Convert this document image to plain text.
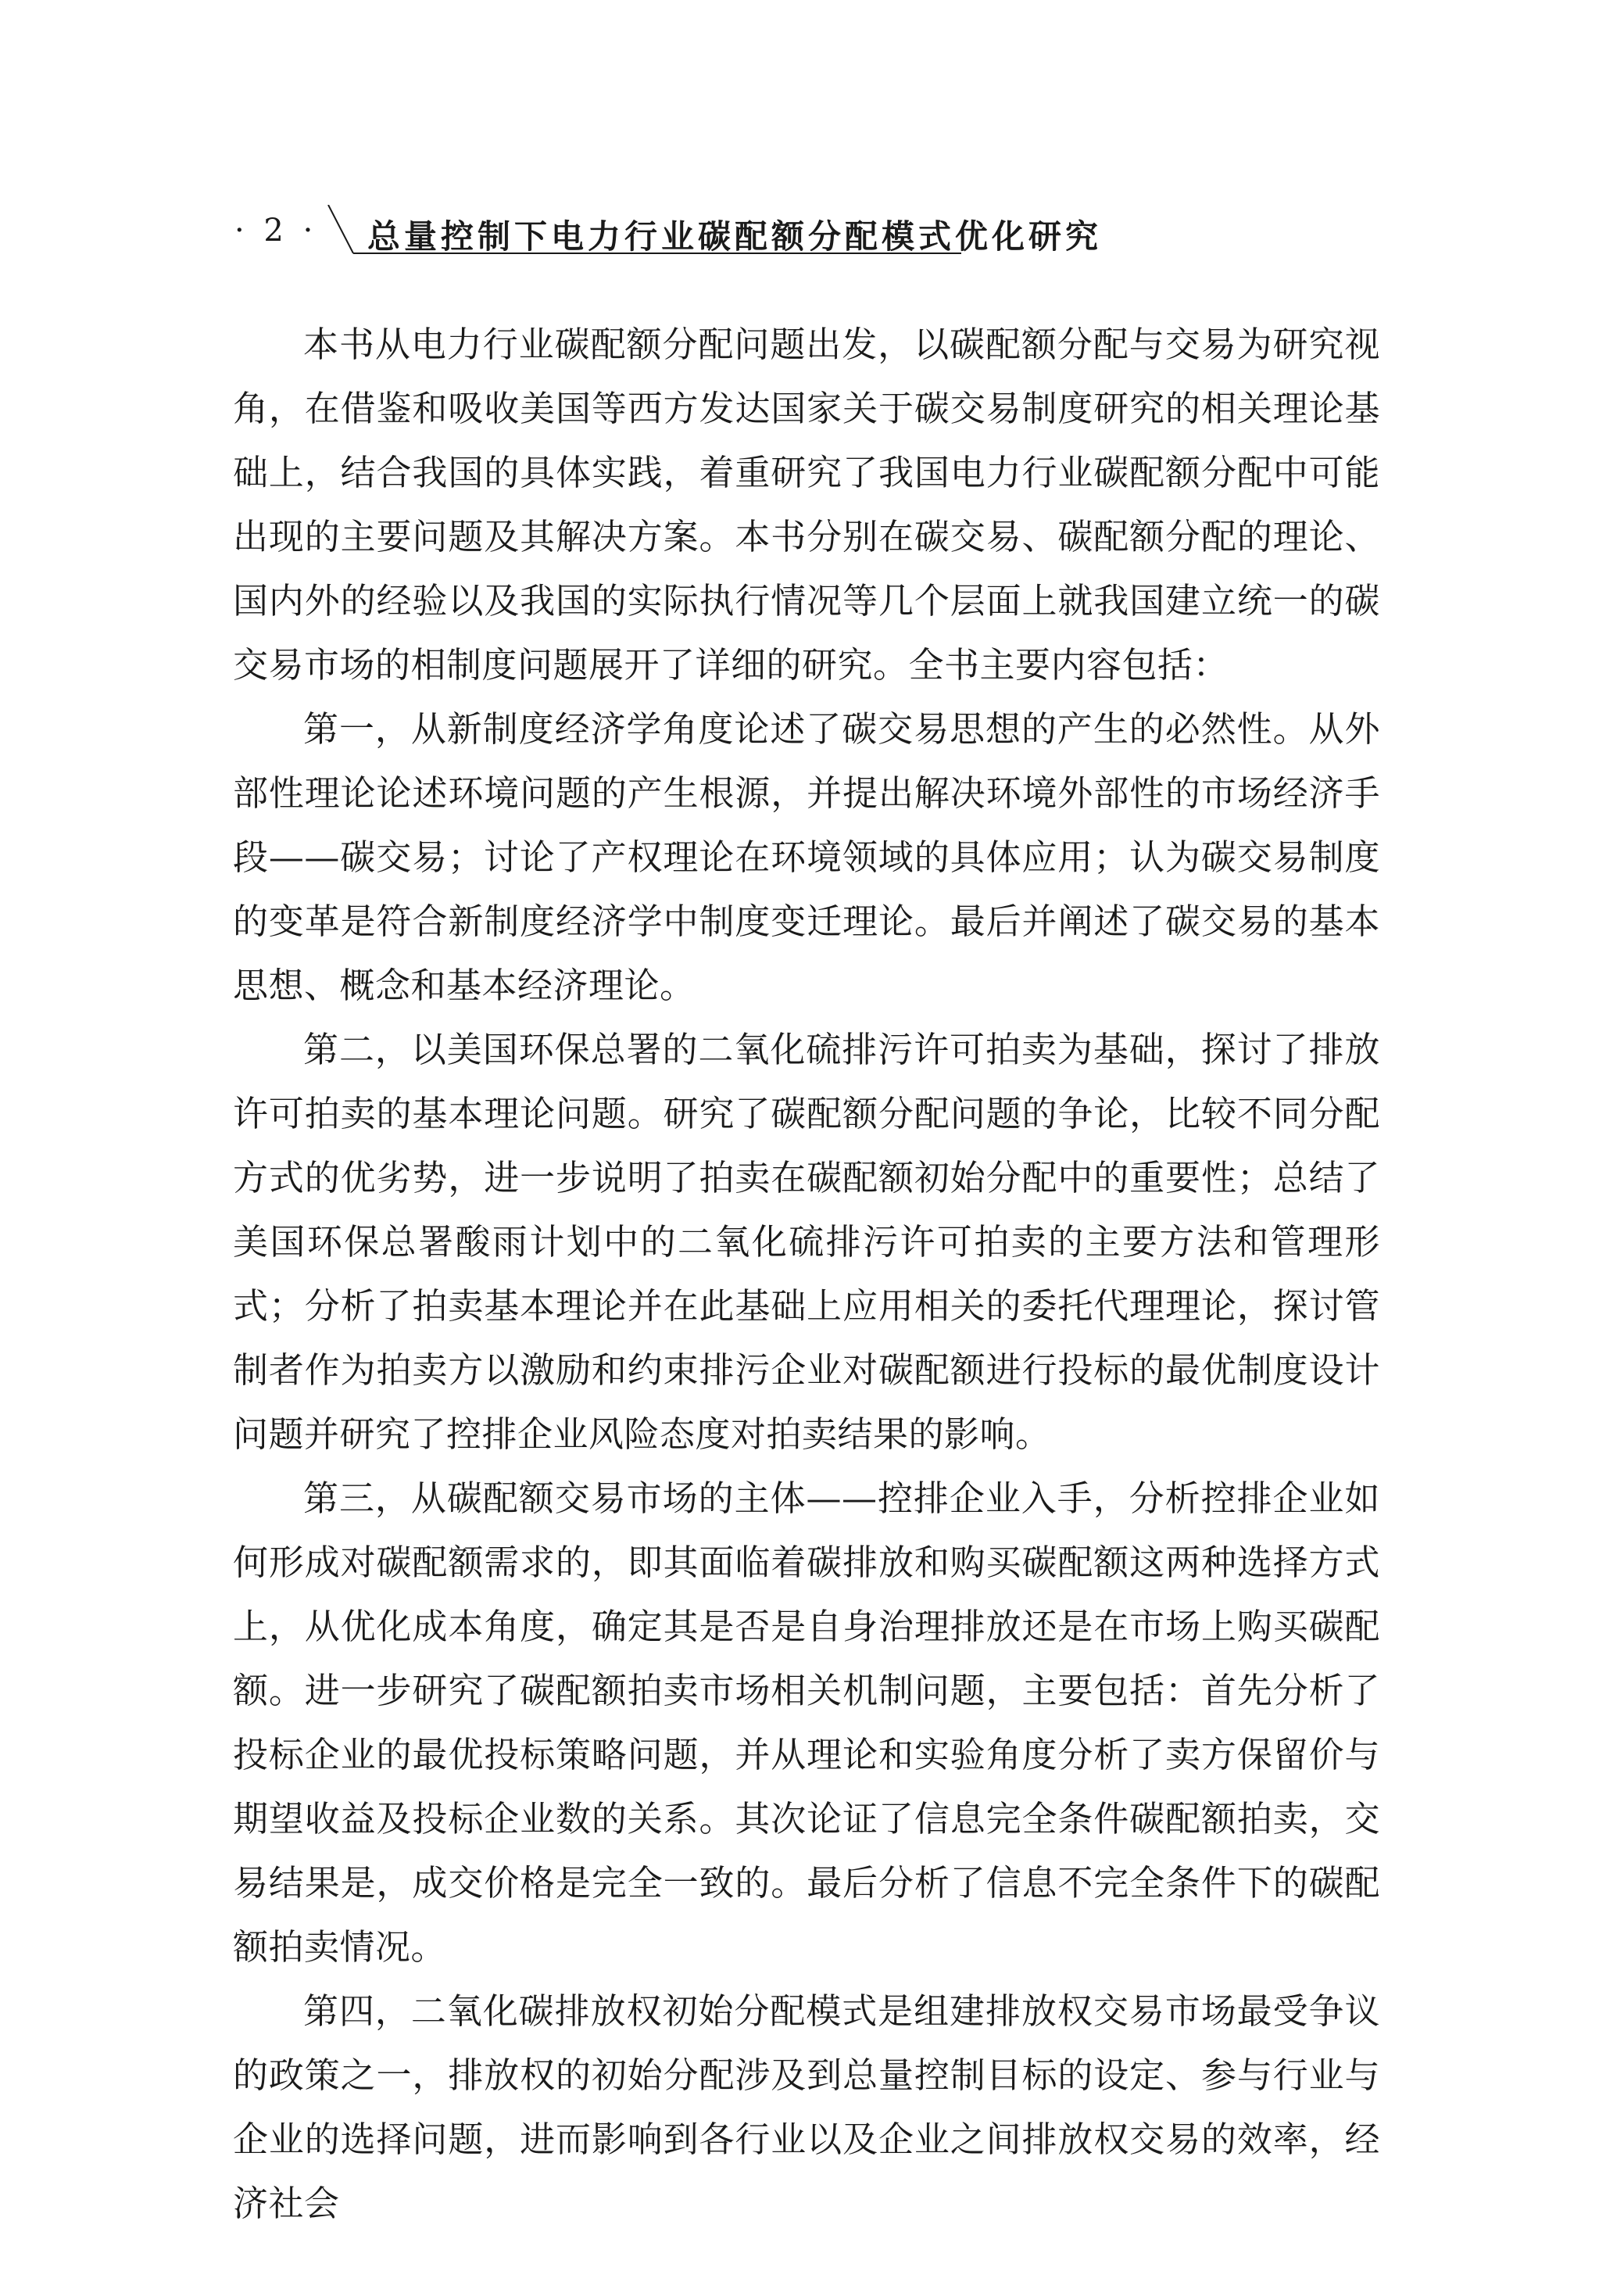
· 2 · 总量控制下电力行业碳配额分配模式优化研究

本书从电力行业碳配额分配问题出发，以碳配额分配与交易为研究视角，在借鉴和吸收美国等西方发达国家关于碳交易制度研究的相关理论基础上，结合我国的具体实践，着重研究了我国电力行业碳配额分配中可能出现的主要问题及其解决方案。本书分别在碳交易、碳配额分配的理论、国内外的经验以及我国的实际执行情况等几个层面上就我国建立统一的碳交易市场的相制度问题展开了详细的研究。全书主要内容包括：

第一，从新制度经济学角度论述了碳交易思想的产生的必然性。从外部性理论论述环境问题的产生根源，并提出解决环境外部性的市场经济手段——碳交易；讨论了产权理论在环境领域的具体应用；认为碳交易制度的变革是符合新制度经济学中制度变迁理论。最后并阐述了碳交易的基本思想、概念和基本经济理论。

第二，以美国环保总署的二氧化硫排污许可拍卖为基础，探讨了排放许可拍卖的基本理论问题。研究了碳配额分配问题的争论，比较不同分配方式的优劣势，进一步说明了拍卖在碳配额初始分配中的重要性；总结了美国环保总署酸雨计划中的二氧化硫排污许可拍卖的主要方法和管理形式；分析了拍卖基本理论并在此基础上应用相关的委托代理理论，探讨管制者作为拍卖方以激励和约束排污企业对碳配额进行投标的最优制度设计问题并研究了控排企业风险态度对拍卖结果的影响。

第三，从碳配额交易市场的主体——控排企业入手，分析控排企业如何形成对碳配额需求的，即其面临着碳排放和购买碳配额这两种选择方式上，从优化成本角度，确定其是否是自身治理排放还是在市场上购买碳配额。进一步研究了碳配额拍卖市场相关机制问题，主要包括：首先分析了投标企业的最优投标策略问题，并从理论和实验角度分析了卖方保留价与期望收益及投标企业数的关系。其次论证了信息完全条件碳配额拍卖，交易结果是，成交价格是完全一致的。最后分析了信息不完全条件下的碳配额拍卖情况。

第四，二氧化碳排放权初始分配模式是组建排放权交易市场最受争议的政策之一，排放权的初始分配涉及到总量控制目标的设定、参与行业与企业的选择问题，进而影响到各行业以及企业之间排放权交易的效率，经济社会
